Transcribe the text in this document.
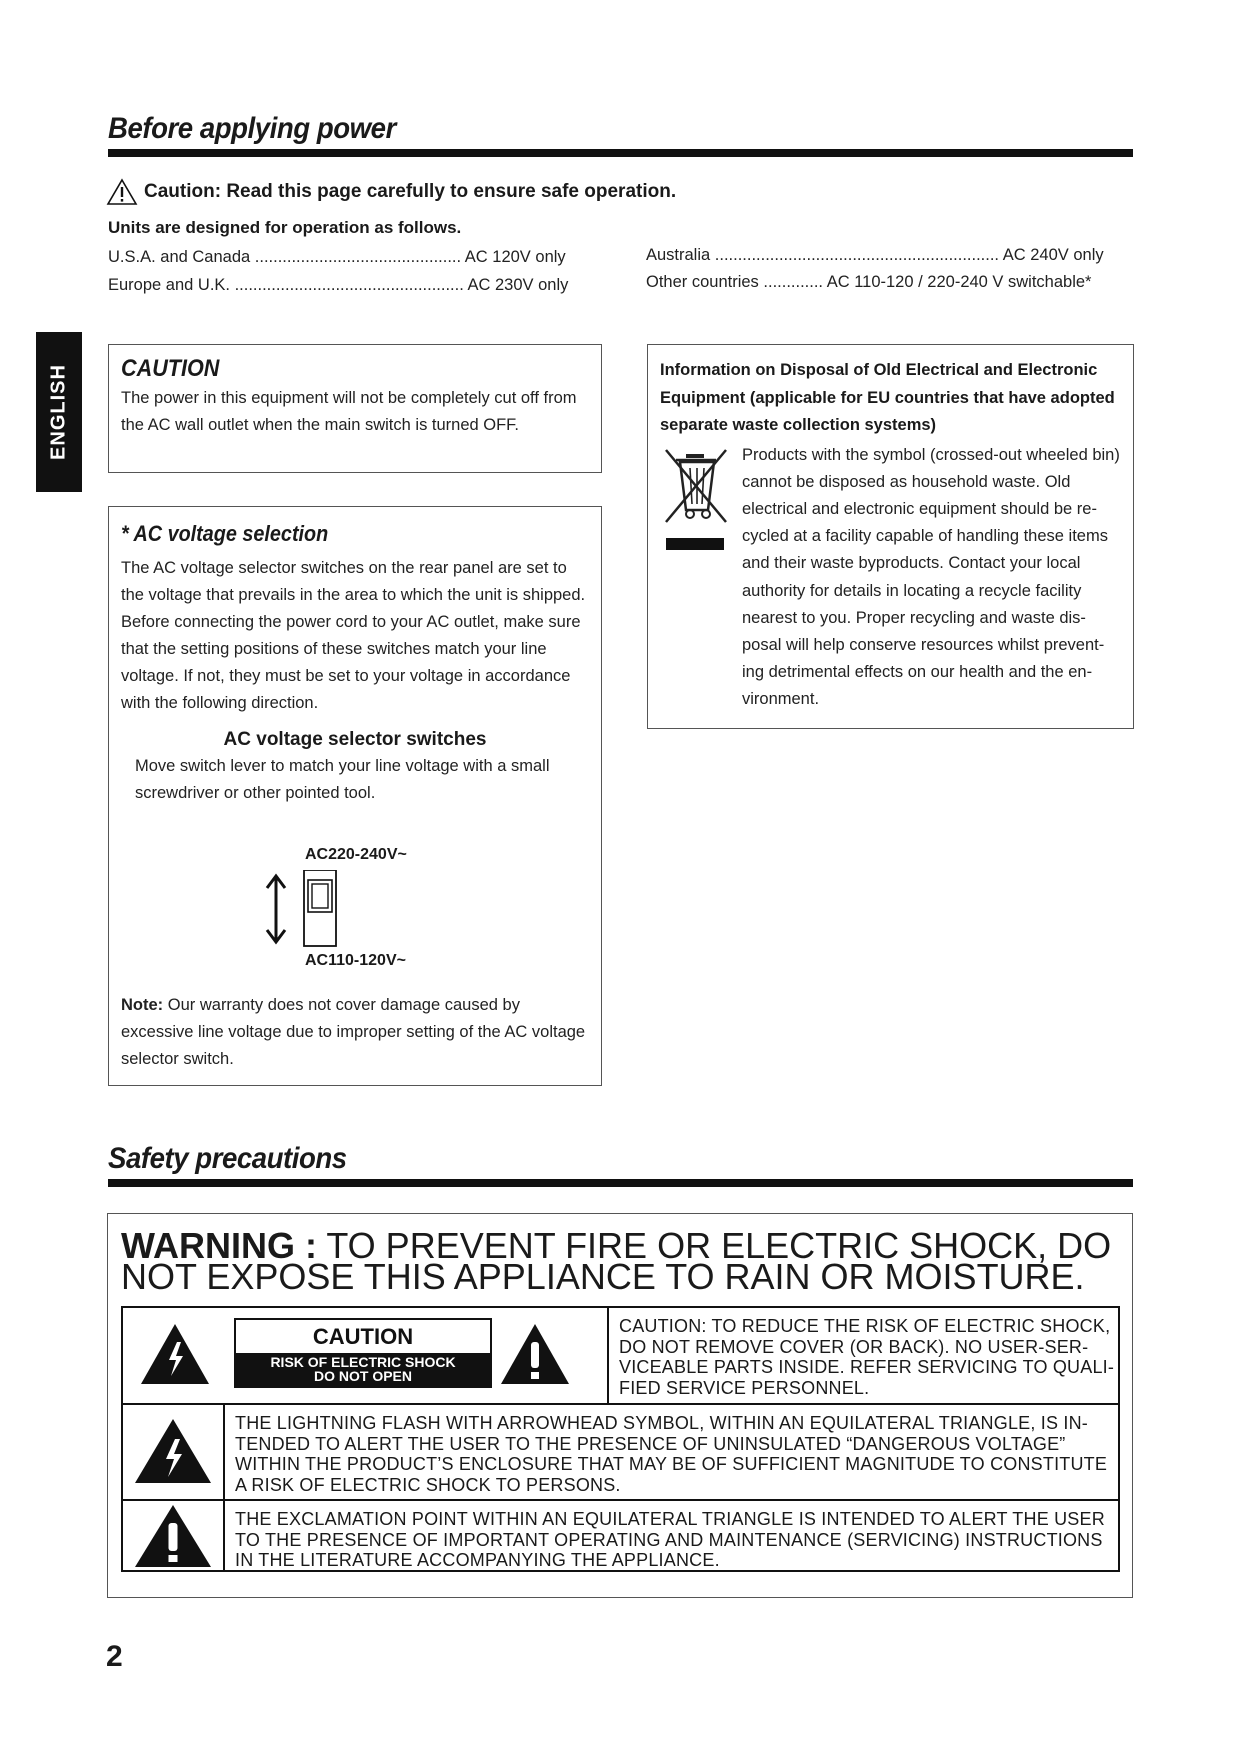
Before applying power
Caution: Read this page carefully to ensure safe operation.
Units are designed for operation as follows.
U.S.A. and Canada ............................................. AC 120V only
Europe and U.K. .................................................. AC 230V only
Australia .............................................................. AC 240V only
Other countries ............. AC 110-120 / 220-240 V switchable*
ENGLISH CAUTION

The power in this equipment will not be completely cut off from the AC wall outlet when the main switch is turned OFF.

* AC voltage selection

The AC voltage selector switches on the rear panel are set to the voltage that prevails in the area to which the unit is shipped. Before connecting the power cord to your AC outlet, make sure that the setting positions of these switches match your line voltage. If not, they must be set to your voltage in accordance with the following direction.

AC voltage selector switches

Move switch lever to match your line voltage with a small screwdriver or other pointed tool.

AC220-240V~
AC110-120V~

Note: Our warranty does not cover damage caused by excessive line voltage due to improper setting of the AC voltage selector switch.

Information on Disposal of Old Electrical and Electronic Equipment (applicable for EU countries that have adopted separate waste collection systems)

Products with the symbol (crossed-out wheeled bin) cannot be disposed as household waste. Old electrical and electronic equipment should be re-cycled at a facility capable of handling these items and their waste byproducts. Contact your local authority for details in locating a recycle facility nearest to you. Proper recycling and waste dis-posal will help conserve resources whilst prevent-ing detrimental effects on our health and the en-vironment.

Safety precautions
WARNING : TO PREVENT FIRE OR ELECTRIC SHOCK, DO NOT EXPOSE THIS APPLIANCE TO RAIN OR MOISTURE.
CAUTION
RISK OF ELECTRIC SHOCK
DO NOT OPEN
CAUTION: TO REDUCE THE RISK OF ELECTRIC SHOCK, DO NOT REMOVE COVER (OR BACK). NO USER-SER-VICEABLE PARTS INSIDE. REFER SERVICING TO QUALI-FIED SERVICE PERSONNEL.
THE LIGHTNING FLASH WITH ARROWHEAD SYMBOL, WITHIN AN EQUILATERAL TRIANGLE, IS IN-TENDED TO ALERT THE USER TO THE PRESENCE OF UNINSULATED “DANGEROUS VOLTAGE” WITHIN THE PRODUCT’S ENCLOSURE THAT MAY BE OF SUFFICIENT MAGNITUDE TO CONSTITUTE A RISK OF ELECTRIC SHOCK TO PERSONS.
THE EXCLAMATION POINT WITHIN AN EQUILATERAL TRIANGLE IS INTENDED TO ALERT THE USER TO THE PRESENCE OF IMPORTANT OPERATING AND MAINTENANCE (SERVICING) INSTRUCTIONS IN THE LITERATURE ACCOMPANYING THE APPLIANCE.
2
